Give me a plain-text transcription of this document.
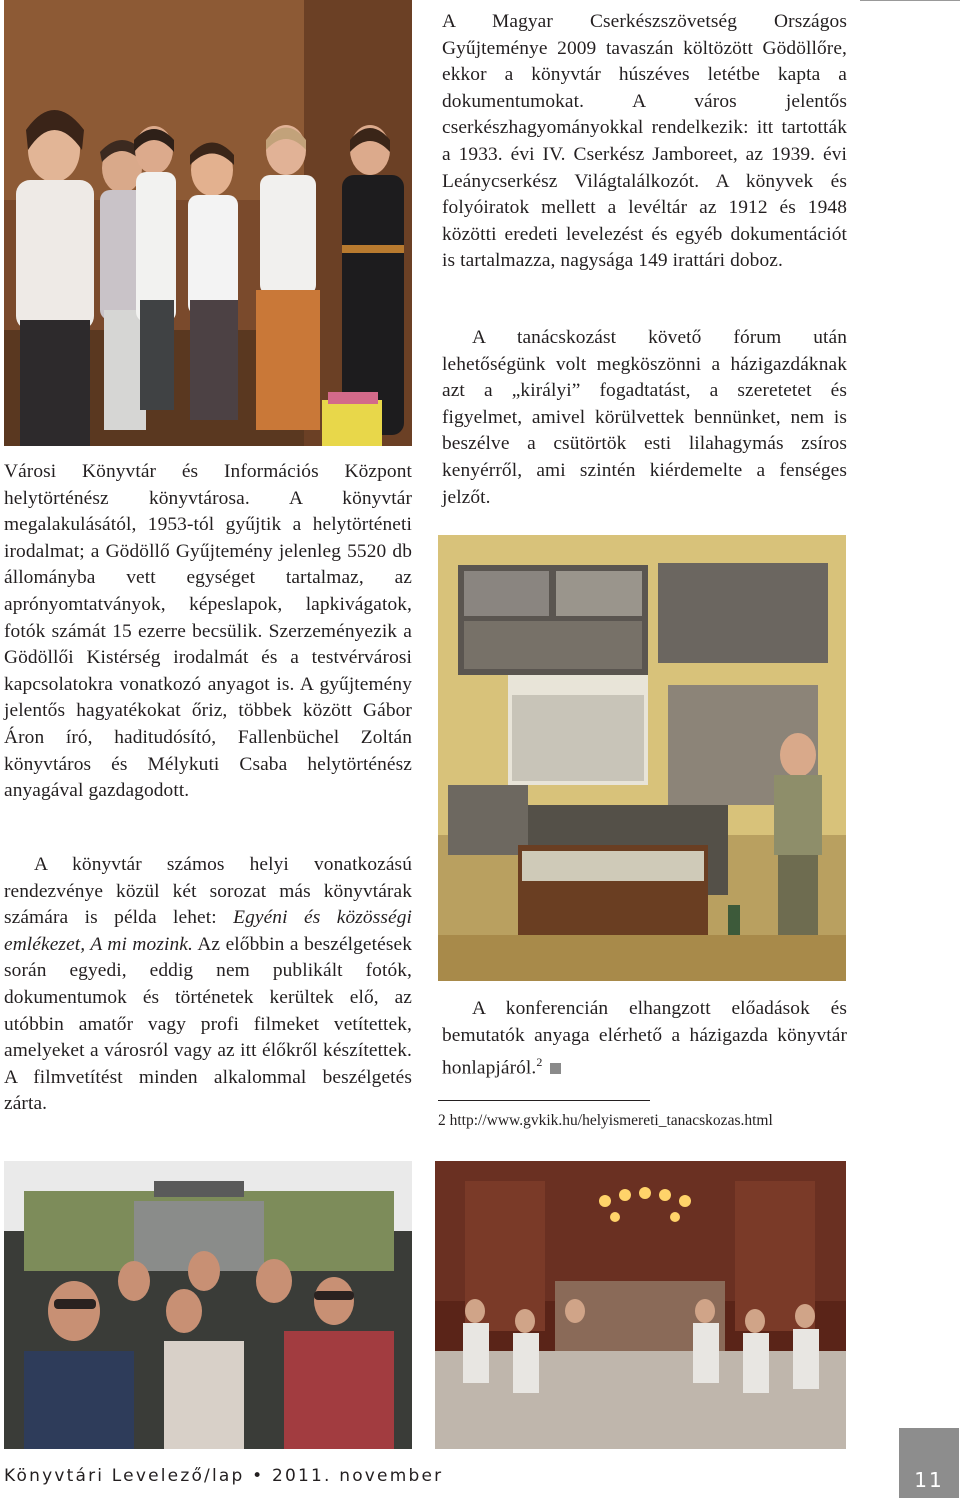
Városi Könyvtár és Információs Központ helytörténész könyvtárosa. A könyvtár megalakulásától, 1953-tól gyűjtik a helytörténeti irodalmat; a Gödöllő Gyűjtemény jelenleg 5520 db állományba vett egységet tartalmaz, az aprónyomtatványok, képeslapok, lapkivágatok, fotók számát 15 ezerre becsülik. Szerzeményezik a Gödöllői Kistérség irodalmát és a testvérvárosi kapcsolatokra vonatkozó anyagot is. A gyűjtemény jelentős hagyatékokat őriz, többek között Gábor Áron író, haditudósító, Fallenbüchel Zoltán könyvtáros és Mélykuti Csaba helytörténész anyagával gazdagodott.

A könyvtár számos helyi vonatkozású rendezvénye közül két sorozat más könyvtárak számára is példa lehet: Egyéni és közösségi emlékezet, A mi mozink. Az előbbin a beszélgetések során egyedi, eddig nem publikált fotók, dokumentumok és történetek kerültek elő, az utóbbin amatőr vagy profi filmeket vetítettek, amelyeket a városról vagy az itt élőkről készítettek. A filmvetítést minden alkalommal beszélgetés zárta.

A Magyar Cserkészszövetség Országos Gyűjteménye 2009 tavaszán költözött Gödöllőre, ekkor a könyvtár húszéves letétbe kapta a dokumentumokat. A város jelentős cserkészhagyományokkal rendelkezik: itt tartották a 1933. évi IV. Cserkész Jamboreet, az 1939. évi Leánycserkész Világtalálkozót. A könyvek és folyóiratok mellett a levéltár az 1912 és 1948 közötti eredeti levelezést és egyéb dokumentációt is tartalmazza, nagysága 149 irattári doboz.

A tanácskozást követő fórum után lehetőségünk volt megköszönni a házigazdáknak azt a „királyi” fogadtatást, a szeretetet és figyelmet, amivel körülvettek bennünket, nem is beszélve a csütörtök esti lilahagymás zsíros kenyérről, ami szintén kiérdemelte a fenséges jelzőt.

A konferencián elhangzott előadások és bemutatók anyaga elérhető a házigazda könyvtár honlapjáról.$^2$

2 http://www.gvkik.hu/helyismereti_tanacskozas.html

Könyvtári Levelező/lap • 2011. november	11
